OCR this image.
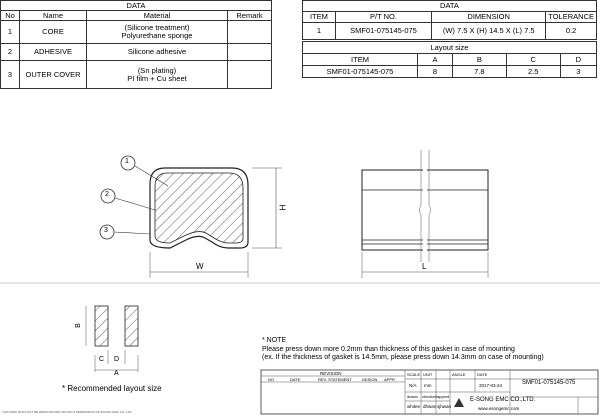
DATA			
No	Name	Material	Remark
1	CORE	(Silicone treatment)
Polyurethane sponge	

2	ADHESIVE	Silicone adhesive	

3	OUTER COVER	(Sn plating)
PI film + Cu sheet	

DATA			
ITEM	P/T NO.	DIMENSION	TOLERANCE
1	SMF01-075145-075	(W) 7.5 X (H) 14.5 X (L) 7.5	0.2
Layout size				
ITEM	A	B	C	D
SMF01-075145-075	8	7.8	2.5	3
1
2
3
W
H
L
B
C D
A
* Recommended layout size
* NOTE
Please press down more 0.2mm than thickness of this gasket in case of mounting
(ex. If the thickness of gasket is 14.5mm, please press down 14.3mm on case of mounting)
REVISION
NO	DATE	REV. STATEMENT	DESIGN APPR
SCALE
N/A
UNIT
mm
ANGLE	DATE
2017-03-24
drawn checked apprvd
whitee dhwan sjhwan
E-SONG EMC CO.,LTD.
www.esongemc.com
SMF01-075145-075
THIS DWG MUST NOT BE REPRODUCED WITHOUT PERMISSION OF ESONG EMC CO.,LTD.
